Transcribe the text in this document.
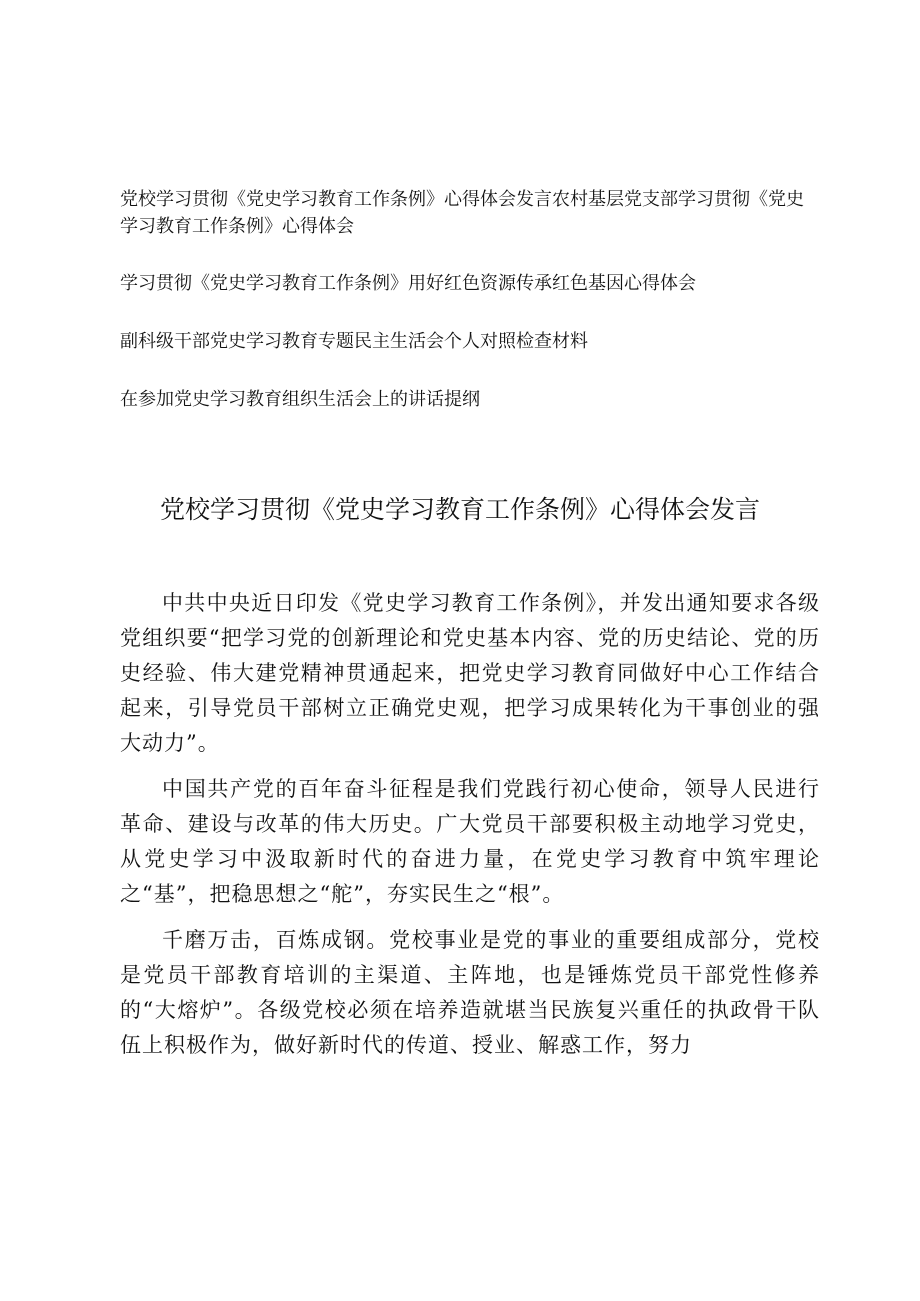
党校学习贯彻《党史学习教育工作条例》心得体会发言农村基层党支部学习贯彻《党史学习教育工作条例》心得体会
学习贯彻《党史学习教育工作条例》用好红色资源传承红色基因心得体会
副科级干部党史学习教育专题民主生活会个人对照检查材料
在参加党史学习教育组织生活会上的讲话提纲
党校学习贯彻《党史学习教育工作条例》心得体会发言

中共中央近日印发《党史学习教育工作条例》，并发出通知要求各级党组织要“把学习党的创新理论和党史基本内容、党的历史结论、党的历史经验、伟大建党精神贯通起来，把党史学习教育同做好中心工作结合起来，引导党员干部树立正确党史观，把学习成果转化为干事创业的强大动力”。

中国共产党的百年奋斗征程是我们党践行初心使命，领导人民进行革命、建设与改革的伟大历史。广大党员干部要积极主动地学习党史，从党史学习中汲取新时代的奋进力量，在党史学习教育中筑牢理论之“基”，把稳思想之“舵”，夯实民生之“根”。

千磨万击，百炼成钢。党校事业是党的事业的重要组成部分，党校是党员干部教育培训的主渠道、主阵地，也是锤炼党员干部党性修养的“大熔炉”。各级党校必须在培养造就堪当民族复兴重任的执政骨干队伍上积极作为，做好新时代的传道、授业、解惑工作，努力
